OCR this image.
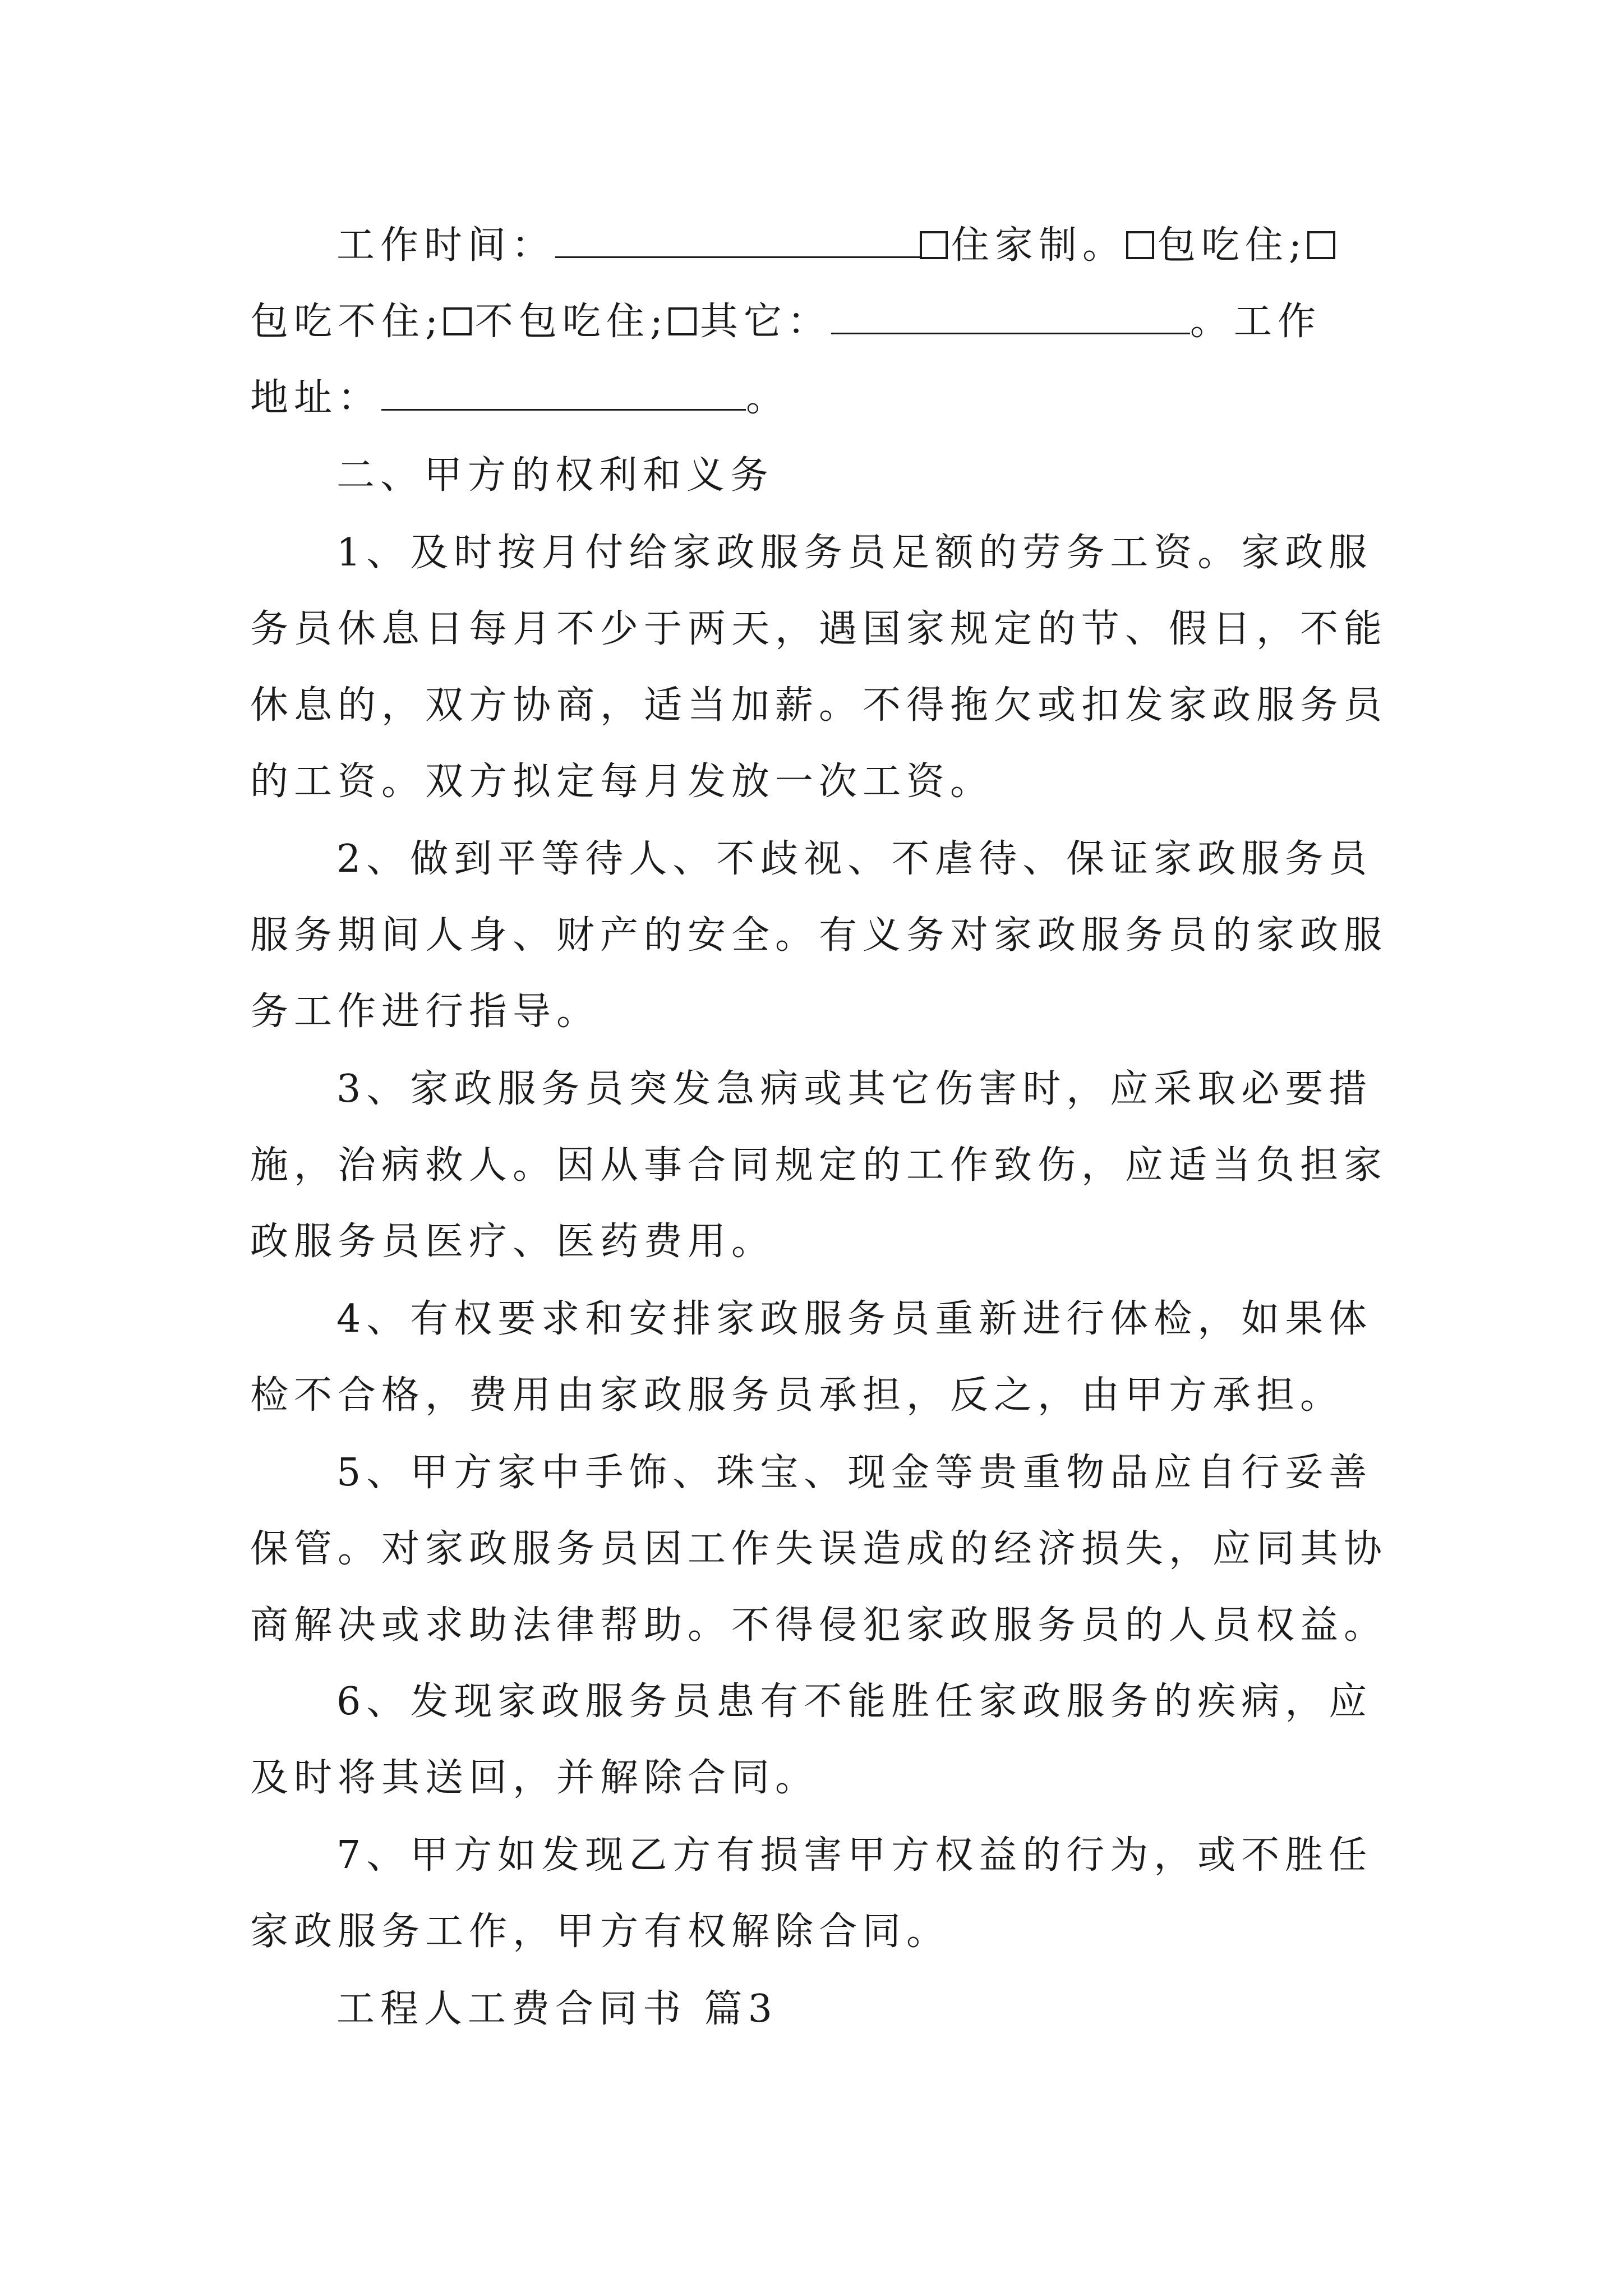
工作时间：	住家制。 包吃住;
包吃不住; 不包吃住; 其它：	。工作
地址：	。
二、甲方的权利和义务
1、及时按月付给家政服务员足额的劳务工资。家政服
务员休息日每月不少于两天，遇国家规定的节、假日，不能
休息的，双方协商，适当加薪。不得拖欠或扣发家政服务员
的工资。双方拟定每月发放一次工资。
2、做到平等待人、不歧视、不虐待、保证家政服务员
服务期间人身、财产的安全。有义务对家政服务员的家政服
务工作进行指导。
3、家政服务员突发急病或其它伤害时，应采取必要措
施，治病救人。因从事合同规定的工作致伤，应适当负担家
政服务员医疗、医药费用。
4、有权要求和安排家政服务员重新进行体检，如果体
检不合格，费用由家政服务员承担，反之，由甲方承担。
5、甲方家中手饰、珠宝、现金等贵重物品应自行妥善
保管。对家政服务员因工作失误造成的经济损失，应同其协
商解决或求助法律帮助。不得侵犯家政服务员的人员权益。
6、发现家政服务员患有不能胜任家政服务的疾病，应
及时将其送回，并解除合同。
7、甲方如发现乙方有损害甲方权益的行为，或不胜任
家政服务工作，甲方有权解除合同。
工程人工费合同书 篇3
